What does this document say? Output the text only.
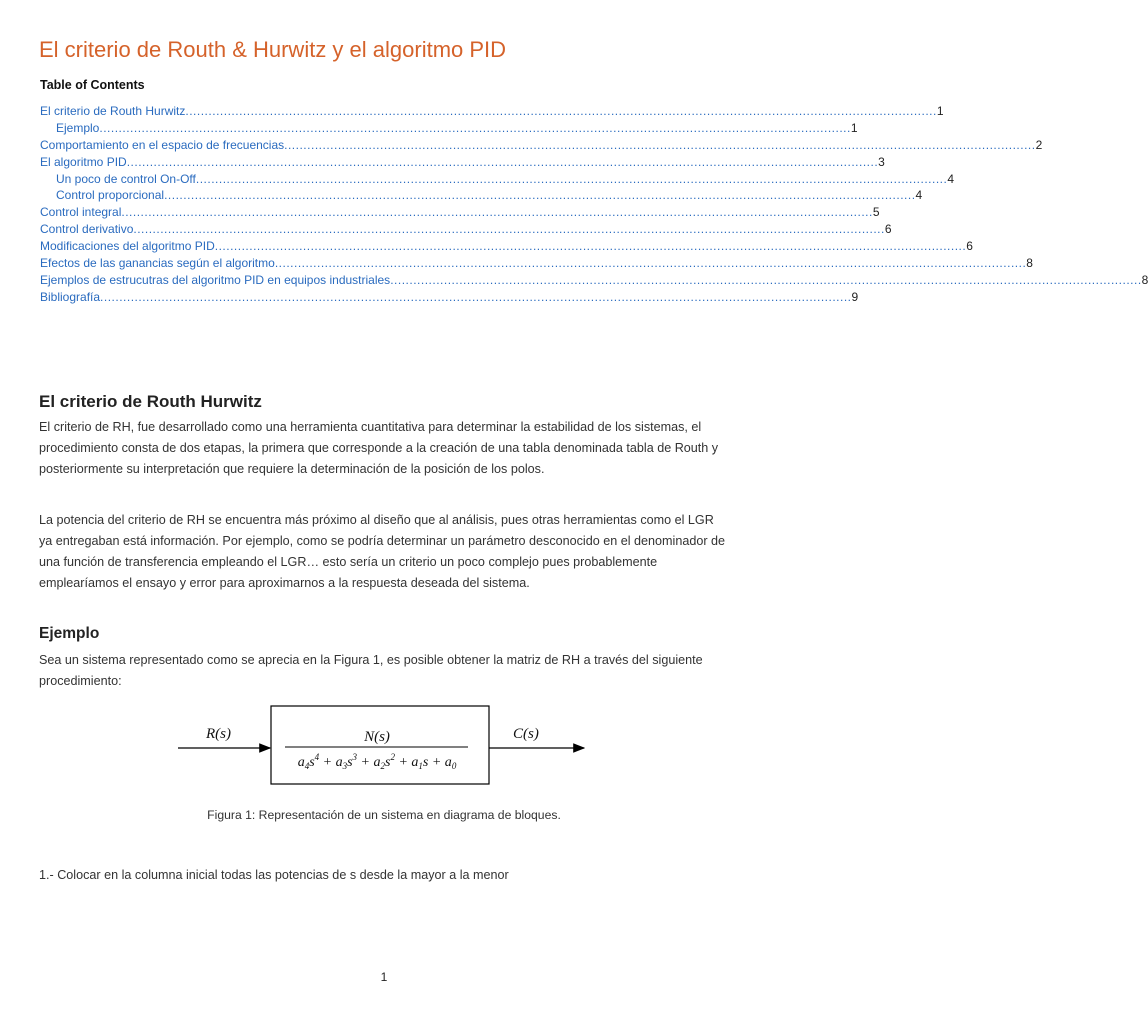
El criterio de Routh & Hurwitz y el algoritmo PID
Table of Contents
El criterio de Routh Hurwitz .................................................................................................................................................................................................... 1
Ejemplo .................................................................................................................................................................................................... 1
Comportamiento en el espacio de frecuencias .................................................................................................................................................................................................... 2
El algoritmo PID .................................................................................................................................................................................................... 3
Un poco de control On-Off .................................................................................................................................................................................................... 4
Control proporcional .................................................................................................................................................................................................... 4
Control integral .................................................................................................................................................................................................... 5
Control derivativo .................................................................................................................................................................................................... 6
Modificaciones del algoritmo PID .................................................................................................................................................................................................... 6
Efectos de las ganancias según el algoritmo .................................................................................................................................................................................................... 8
Ejemplos de estrucutras del algoritmo PID en equipos industriales .................................................................................................................................................................................................... 8
Bibliografía .................................................................................................................................................................................................... 9
El criterio de Routh Hurwitz

El criterio de RH, fue desarrollado como una herramienta cuantitativa para determinar la estabilidad de los sistemas, el procedimiento consta de dos etapas, la primera que corresponde a la creación de una tabla denominada tabla de Routh y posteriormente su interpretación que requiere la determinación de la posición de los polos.

La potencia del criterio de RH se encuentra más próximo al diseño que al análisis, pues otras herramientas como el LGR ya entregaban está información. Por ejemplo, como se podría determinar un parámetro desconocido en el denominador de una función de transferencia empleando el LGR… esto sería un criterio un poco complejo pues probablemente emplearíamos el ensayo y error para aproximarnos a la respuesta deseada del sistema.

Ejemplo

Sea un sistema representado como se aprecia en la Figura 1, es posible obtener la matriz de RH a través del siguiente procedimiento:

R(s)	N(s)
$a_4s^4 + a_3s^3 + a_2s^2 + a_1s + a_0$
C(s)

Figura 1: Representación de un sistema en diagrama de bloques.

1.- Colocar en la columna inicial todas las potencias de s desde la mayor a la menor

1
